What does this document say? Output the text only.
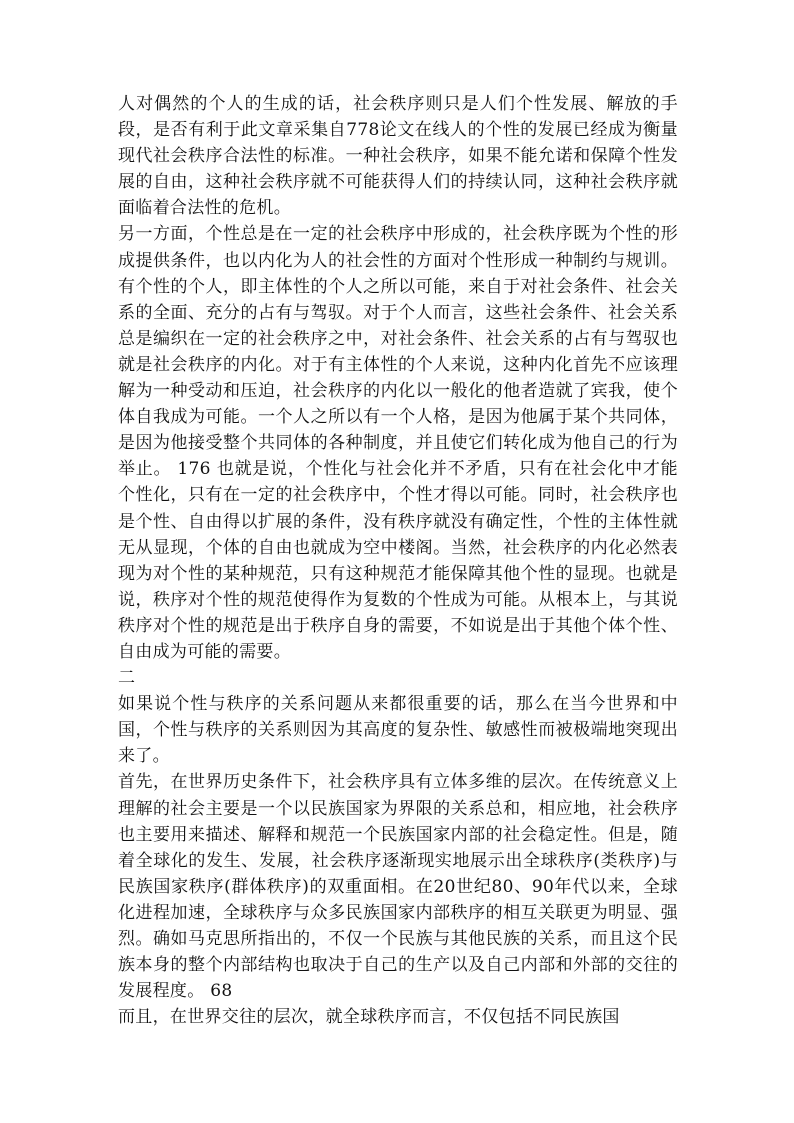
人对偶然的个人的生成的话，社会秩序则只是人们个性发展、解放的手段，是否有利于此文章采集自778论文在线人的个性的发展已经成为衡量现代社会秩序合法性的标准。一种社会秩序，如果不能允诺和保障个性发展的自由，这种社会秩序就不可能获得人们的持续认同，这种社会秩序就面临着合法性的危机。

另一方面，个性总是在一定的社会秩序中形成的，社会秩序既为个性的形成提供条件，也以内化为人的社会性的方面对个性形成一种制约与规训。有个性的个人，即主体性的个人之所以可能，来自于对社会条件、社会关系的全面、充分的占有与驾驭。对于个人而言，这些社会条件、社会关系总是编织在一定的社会秩序之中，对社会条件、社会关系的占有与驾驭也就是社会秩序的内化。对于有主体性的个人来说，这种内化首先不应该理解为一种受动和压迫，社会秩序的内化以一般化的他者造就了宾我，使个体自我成为可能。一个人之所以有一个人格，是因为他属于某个共同体，是因为他接受整个共同体的各种制度，并且使它们转化成为他自己的行为举止。 176 也就是说，个性化与社会化并不矛盾，只有在社会化中才能个性化，只有在一定的社会秩序中，个性才得以可能。同时，社会秩序也是个性、自由得以扩展的条件，没有秩序就没有确定性，个性的主体性就无从显现，个体的自由也就成为空中楼阁。当然，社会秩序的内化必然表现为对个性的某种规范，只有这种规范才能保障其他个性的显现。也就是说，秩序对个性的规范使得作为复数的个性成为可能。从根本上，与其说秩序对个性的规范是出于秩序自身的需要，不如说是出于其他个体个性、自由成为可能的需要。

二

如果说个性与秩序的关系问题从来都很重要的话，那么在当今世界和中国，个性与秩序的关系则因为其高度的复杂性、敏感性而被极端地突现出来了。

首先，在世界历史条件下，社会秩序具有立体多维的层次。在传统意义上理解的社会主要是一个以民族国家为界限的关系总和，相应地，社会秩序也主要用来描述、解释和规范一个民族国家内部的社会稳定性。但是，随着全球化的发生、发展，社会秩序逐渐现实地展示出全球秩序(类秩序)与民族国家秩序(群体秩序)的双重面相。在20世纪80、90年代以来，全球化进程加速，全球秩序与众多民族国家内部秩序的相互关联更为明显、强烈。确如马克思所指出的，不仅一个民族与其他民族的关系，而且这个民族本身的整个内部结构也取决于自己的生产以及自己内部和外部的交往的发展程度。 68

而且，在世界交往的层次，就全球秩序而言，不仅包括不同民族国
